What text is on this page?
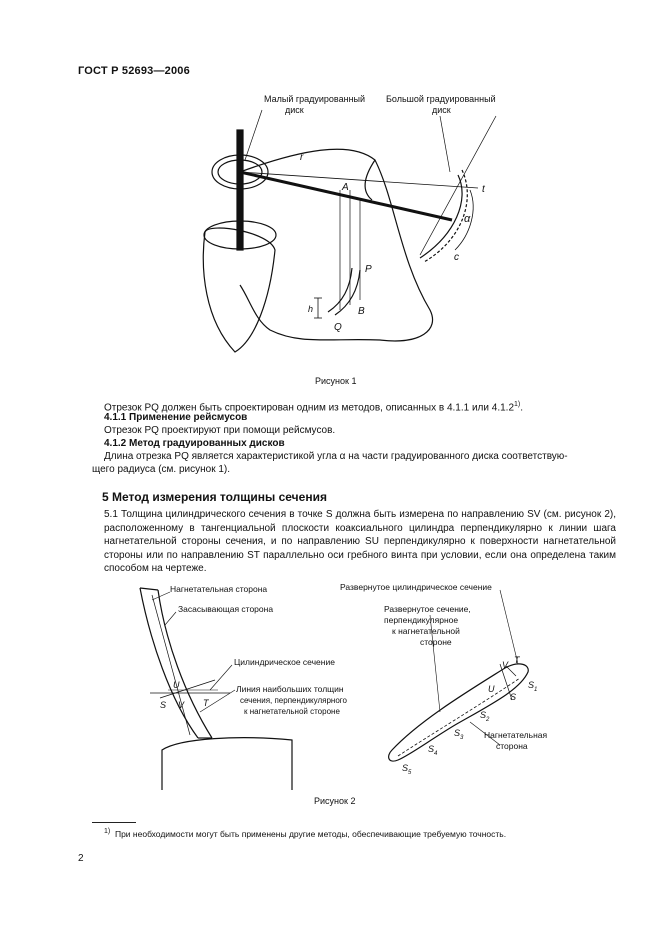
ГОСТ Р 52693—2006
Малый градуированный
диск
Большой градуированный
диск
r
A
P
B
Q
h
t
α
c
Рисунок 1
Отрезок PQ должен быть спроектирован одним из методов, описанных в 4.1.1 или 4.1.2$^{1)}$.
4.1.1 Применение рейсмусов
Отрезок PQ проектируют при помощи рейсмусов.
4.1.2 Метод градуированных дисков
Длина отрезка PQ является характеристикой угла α на части градуированного диска соответствую-
щего радиуса (см. рисунок 1).
5 Метод измерения толщины сечения
5.1 Толщина цилиндрического сечения в точке S должна быть измерена по направлению SV (см. рисунок 2), расположенному в тангенциальной плоскости коаксиального цилиндра перпендикулярно к линии шага нагнетательной стороны сечения, и по направлению SU перпендикулярно к поверхности нагнетательной стороны или по направлению ST параллельно оси гребного винта при условии, если она определена таким способом на чертеже.
Нагнетательная сторона
Засасывающая сторона
Цилиндрическое сечение
Линия наибольших толщин
сечения, перпендикулярного
к нагнетательной стороне
U
S V T
Развернутое цилиндрическое сечение
Развернутое сечение,
перпендикулярное
к нагнетательной
стороне
Нагнетательная
сторона
V T
U
S
$S_1$
$S_2$
$S_3$
$S_4$
$S_5$
Рисунок 2
$^{1)}$ При необходимости могут быть применены другие методы, обеспечивающие требуемую точность.
2
